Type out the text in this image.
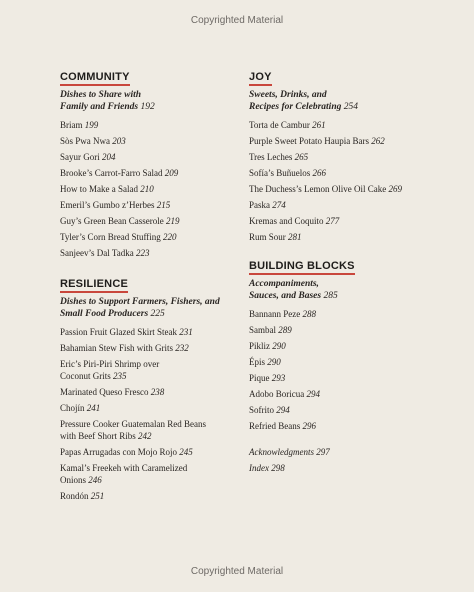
Copyrighted Material
COMMUNITY
Dishes to Share with
Family and Friends 192
Briam 199
Sòs Pwa Nwa 203
Sayur Gori 204
Brooke’s Carrot-Farro Salad 209
How to Make a Salad 210
Emeril’s Gumbo z’Herbes 215
Guy’s Green Bean Casserole 219
Tyler’s Corn Bread Stuffing 220
Sanjeev’s Dal Tadka 223
RESILIENCE
Dishes to Support Farmers, Fishers, and
Small Food Producers 225
Passion Fruit Glazed Skirt Steak 231
Bahamian Stew Fish with Grits 232
Eric’s Piri-Piri Shrimp over
Coconut Grits 235
Marinated Queso Fresco 238
Chojín 241
Pressure Cooker Guatemalan Red Beans
with Beef Short Ribs 242
Papas Arrugadas con Mojo Rojo 245
Kamal’s Freekeh with Caramelized
Onions 246
Rondón 251
JOY
Sweets, Drinks, and
Recipes for Celebrating 254
Torta de Cambur 261
Purple Sweet Potato Haupia Bars 262
Tres Leches 265
Sofía’s Buñuelos 266
The Duchess’s Lemon Olive Oil Cake 269
Paska 274
Kremas and Coquito 277
Rum Sour 281
BUILDING BLOCKS
Accompaniments,
Sauces, and Bases 285
Bannann Peze 288
Sambal 289
Pikliz 290
Épis 290
Pique 293
Adobo Boricua 294
Sofrito 294
Refried Beans 296
Acknowledgments 297
Index 298
Copyrighted Material
